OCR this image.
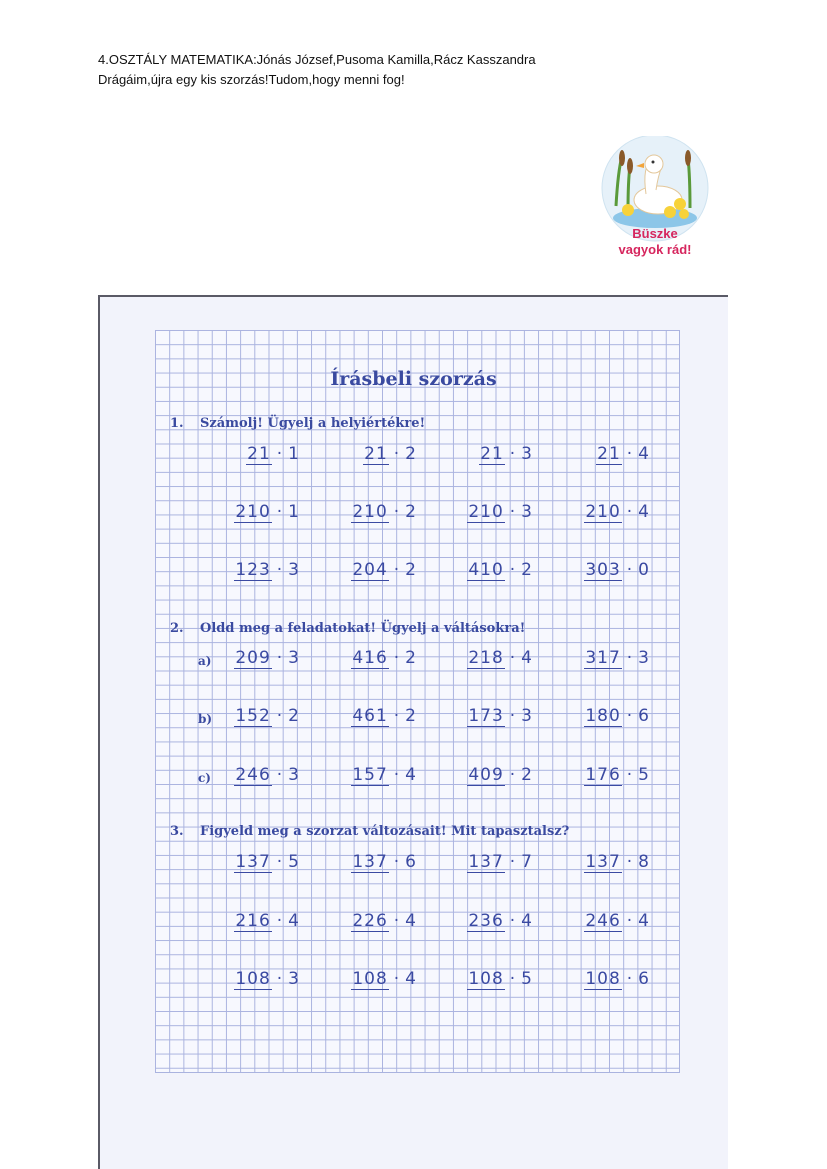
4.OSZTÁLY MATEMATIKA:Jónás József,Pusoma Kamilla,Rácz Kasszandra
Drágáim,újra egy kis szorzás!Tudom,hogy menni fog!
Büszke
vagyok rád!
Írásbeli szorzás
1. Számolj! Ügyelj a helyiértékre!
21 · 1	21 · 2	21 · 3	21 · 4
210 · 1	210 · 2	210 · 3	210 · 4
123 · 3	204 · 2	410 · 2	303 · 0
2. Oldd meg a feladatokat! Ügyelj a váltásokra!
a)	209 · 3	416 · 2	218 · 4	317 · 3
b)	152 · 2	461 · 2	173 · 3	180 · 6
c)	246 · 3	157 · 4	409 · 2	176 · 5
3. Figyeld meg a szorzat változásait! Mit tapasztalsz?
137 · 5	137 · 6	137 · 7	137 · 8
216 · 4	226 · 4	236 · 4	246 · 4
108 · 3	108 · 4	108 · 5	108 · 6
